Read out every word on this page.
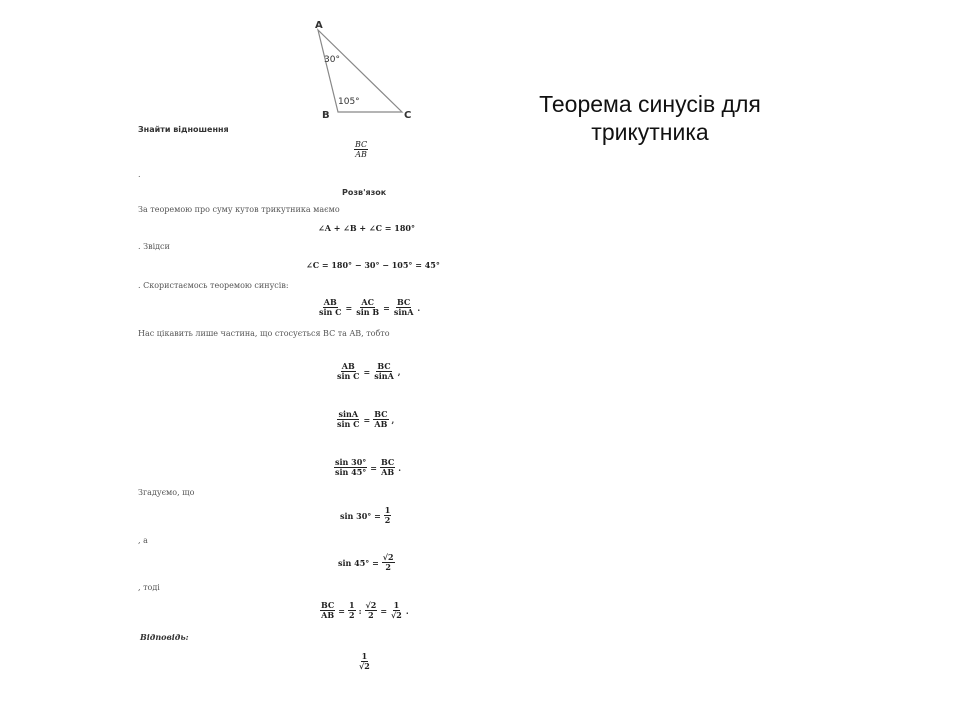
Теорема синусів для
трикутника
A
B	C
30°
105°
Знайти відношення
$\frac{BC}{AB}$
.
Розв'язок
За теоремою про суму кутов трикутника маємо
∠A + ∠B + ∠C = 180°
. Звідси
∠C = 180° − 30° − 105° = 45°
. Скористаємось теоремою синусів:
$\frac{AB}{\text{sin C}} = \frac{AC}{\text{sin B}} = \frac{BC}{\sin A}$ .
Нас цікавить лише частина, що стосується BC та AB, тобто
$\frac{AB}{\text{sin C}} = \frac{BC}{\sin A}$ ,
$\frac{\sin A}{\text{sin C}} = \frac{BC}{AB}$ ,
$\frac{\sin 30^\circ}{\sin 45^\circ} = \frac{BC}{AB}$ .
Згадуємо, що
$\sin 30^\circ = \frac{1}{2}$
, а
$\sin 45^\circ = \frac{√2}{2}$
, тоді
$\frac{BC}{AB} = \frac{1}{2}$ : $\frac{√2}{2} = \frac{1}{√2}$ .
Відповідь:
$\frac{1}{√2}$
